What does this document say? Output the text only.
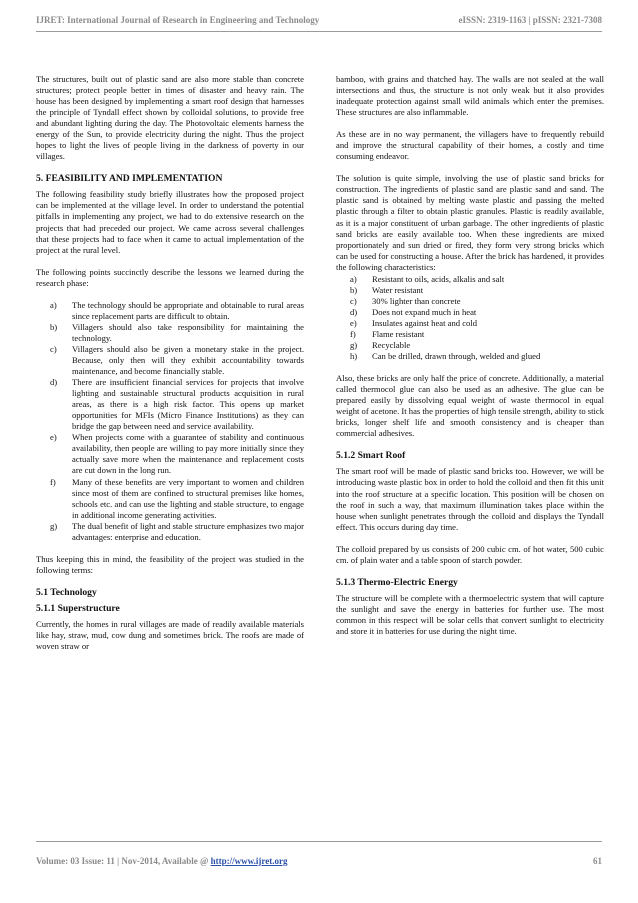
IJRET: International Journal of Research in Engineering and Technology	eISSN: 2319-1163 | pISSN: 2321-7308

The structures, built out of plastic sand are also more stable than concrete structures; protect people better in times of disaster and heavy rain. The house has been designed by implementing a smart roof design that harnesses the principle of Tyndall effect shown by colloidal solutions, to provide free and abundant lighting during the day. The Photovoltaic elements harness the energy of the Sun, to provide electricity during the night. Thus the project hopes to light the lives of people living in the darkness of poverty in our villages.

5. FEASIBILITY AND IMPLEMENTATION

The following feasibility study briefly illustrates how the proposed project can be implemented at the village level. In order to understand the potential pitfalls in implementing any project, we had to do extensive research on the projects that had preceded our project. We came across several challenges that these projects had to face when it came to actual implementation of the project at the rural level.

The following points succinctly describe the lessons we learned during the research phase:

a)	The technology should be appropriate and obtainable to rural areas since replacement parts are difficult to obtain.
b)	Villagers should also take responsibility for maintaining the technology.
c)	Villagers should also be given a monetary stake in the project. Because, only then will they exhibit accountability towards maintenance, and become financially stable.
d)	There are insufficient financial services for projects that involve lighting and sustainable structural products acquisition in rural areas, as there is a high risk factor. This opens up market opportunities for MFIs (Micro Finance Institutions) as they can bridge the gap between need and service availability.
e)	When projects come with a guarantee of stability and continuous availability, then people are willing to pay more initially since they actually save more when the maintenance and replacement costs are cut down in the long run.
f)	Many of these benefits are very important to women and children since most of them are confined to structural premises like homes, schools etc. and can use the lighting and stable structure, to engage in additional income generating activities.
g)	The dual benefit of light and stable structure emphasizes two major advantages: enterprise and education.

Thus keeping this in mind, the feasibility of the project was studied in the following terms:

5.1 Technology
5.1.1 Superstructure

Currently, the homes in rural villages are made of readily available materials like hay, straw, mud, cow dung and sometimes brick. The roofs are made of woven straw or

bamboo, with grains and thatched hay. The walls are not sealed at the wall intersections and thus, the structure is not only weak but it also provides inadequate protection against small wild animals which enter the premises. These structures are also inflammable.

As these are in no way permanent, the villagers have to frequently rebuild and improve the structural capability of their homes, a costly and time consuming endeavor.

The solution is quite simple, involving the use of plastic sand bricks for construction. The ingredients of plastic sand are plastic sand and sand. The plastic sand is obtained by melting waste plastic and passing the melted plastic through a filter to obtain plastic granules. Plastic is readily available, as it is a major constituent of urban garbage. The other ingredients of plastic sand bricks are easily available too. When these ingredients are mixed proportionately and sun dried or fired, they form very strong bricks which can be used for constructing a house. After the brick has hardened, it provides the following characteristics:

a)	Resistant to oils, acids, alkalis and salt
b)	Water resistant
c)	30% lighter than concrete
d)	Does not expand much in heat
e)	Insulates against heat and cold
f)	Flame resistant
g)	Recyclable
h)	Can be drilled, drawn through, welded and glued

Also, these bricks are only half the price of concrete. Additionally, a material called thermocol glue can also be used as an adhesive. The glue can be prepared easily by dissolving equal weight of waste thermocol in equal weight of acetone. It has the properties of high tensile strength, ability to stick bricks, longer shelf life and smooth consistency and is cheaper than commercial adhesives.

5.1.2 Smart Roof

The smart roof will be made of plastic sand bricks too. However, we will be introducing waste plastic box in order to hold the colloid and then fit this unit into the roof structure at a specific location. This position will be chosen on the roof in such a way, that maximum illumination takes place within the house when sunlight penetrates through the colloid and displays the Tyndall effect. This occurs during day time.

The colloid prepared by us consists of 200 cubic cm. of hot water, 500 cubic cm. of plain water and a table spoon of starch powder.

5.1.3 Thermo-Electric Energy

The structure will be complete with a thermoelectric system that will capture the sunlight and save the energy in batteries for further use. The most common in this respect will be solar cells that convert sunlight to electricity and store it in batteries for use during the night time.

Volume: 03 Issue: 11 | Nov-2014, Available @ http://www.ijret.org	61
